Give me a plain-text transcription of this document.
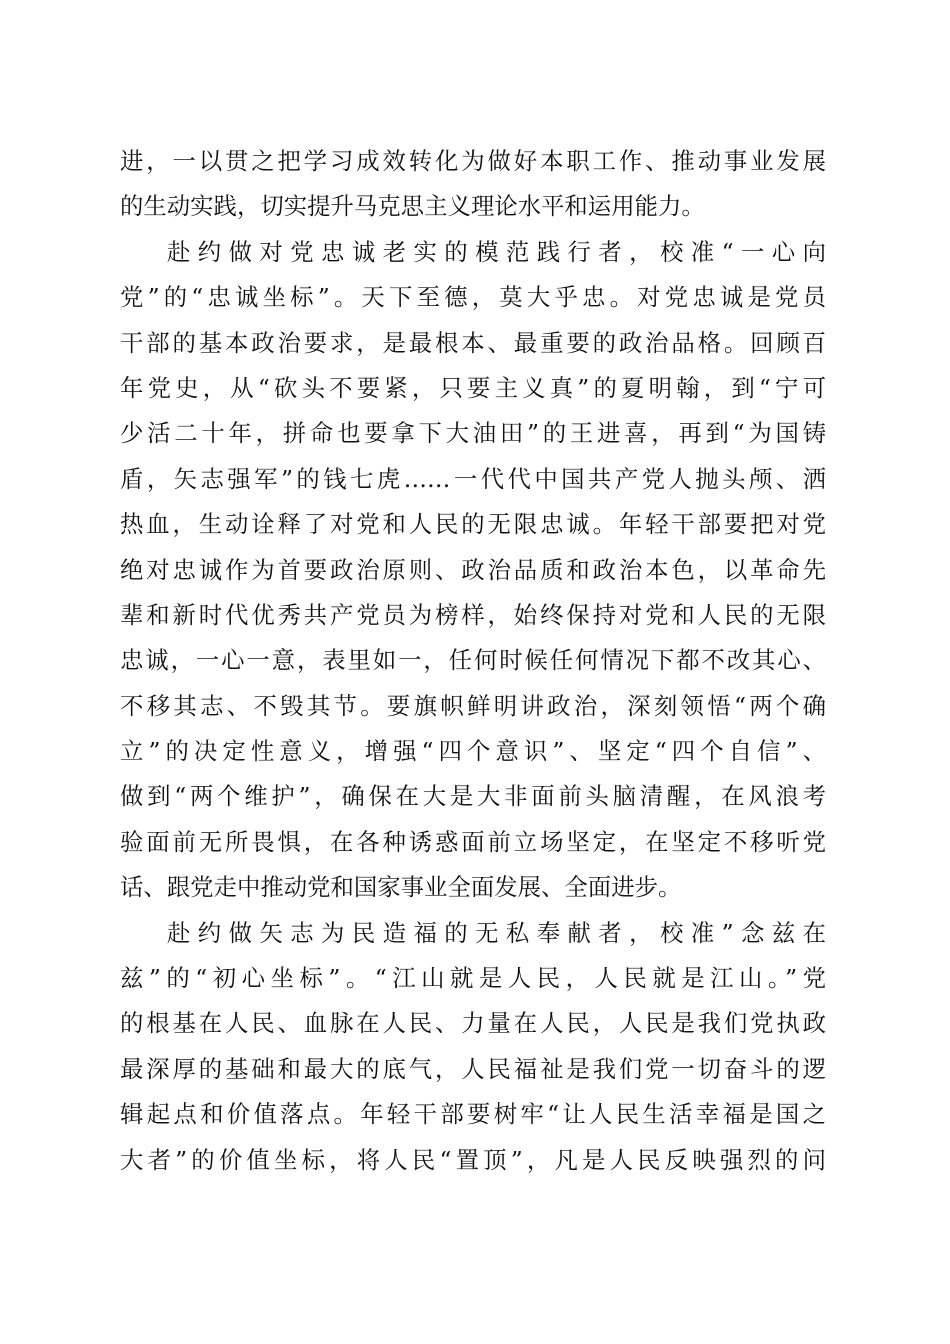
进，一以贯之把学习成效转化为做好本职工作、推动事业发展
的生动实践，切实提升马克思主义理论水平和运用能力。
赴约做对党忠诚老实的模范践行者，校准“一心向
党”的“忠诚坐标”。天下至德，莫大乎忠。对党忠诚是党员
干部的基本政治要求，是最根本、最重要的政治品格。回顾百
年党史，从“砍头不要紧，只要主义真”的夏明翰，到“宁可
少活二十年，拼命也要拿下大油田”的王进喜，再到“为国铸
盾，矢志强军”的钱七虎……一代代中国共产党人抛头颅、洒
热血，生动诠释了对党和人民的无限忠诚。年轻干部要把对党
绝对忠诚作为首要政治原则、政治品质和政治本色，以革命先
辈和新时代优秀共产党员为榜样，始终保持对党和人民的无限
忠诚，一心一意，表里如一，任何时候任何情况下都不改其心、
不移其志、不毁其节。要旗帜鲜明讲政治，深刻领悟“两个确
立”的决定性意义，增强“四个意识”、坚定“四个自信”、
做到“两个维护”，确保在大是大非面前头脑清醒，在风浪考
验面前无所畏惧，在各种诱惑面前立场坚定，在坚定不移听党
话、跟党走中推动党和国家事业全面发展、全面进步。
赴约做矢志为民造福的无私奉献者，校准”念兹在
兹”的“初心坐标”。“江山就是人民，人民就是江山。”党
的根基在人民、血脉在人民、力量在人民，人民是我们党执政
最深厚的基础和最大的底气，人民福祉是我们党一切奋斗的逻
辑起点和价值落点。年轻干部要树牢“让人民生活幸福是国之
大者”的价值坐标，将人民“置顶”，凡是人民反映强烈的问
